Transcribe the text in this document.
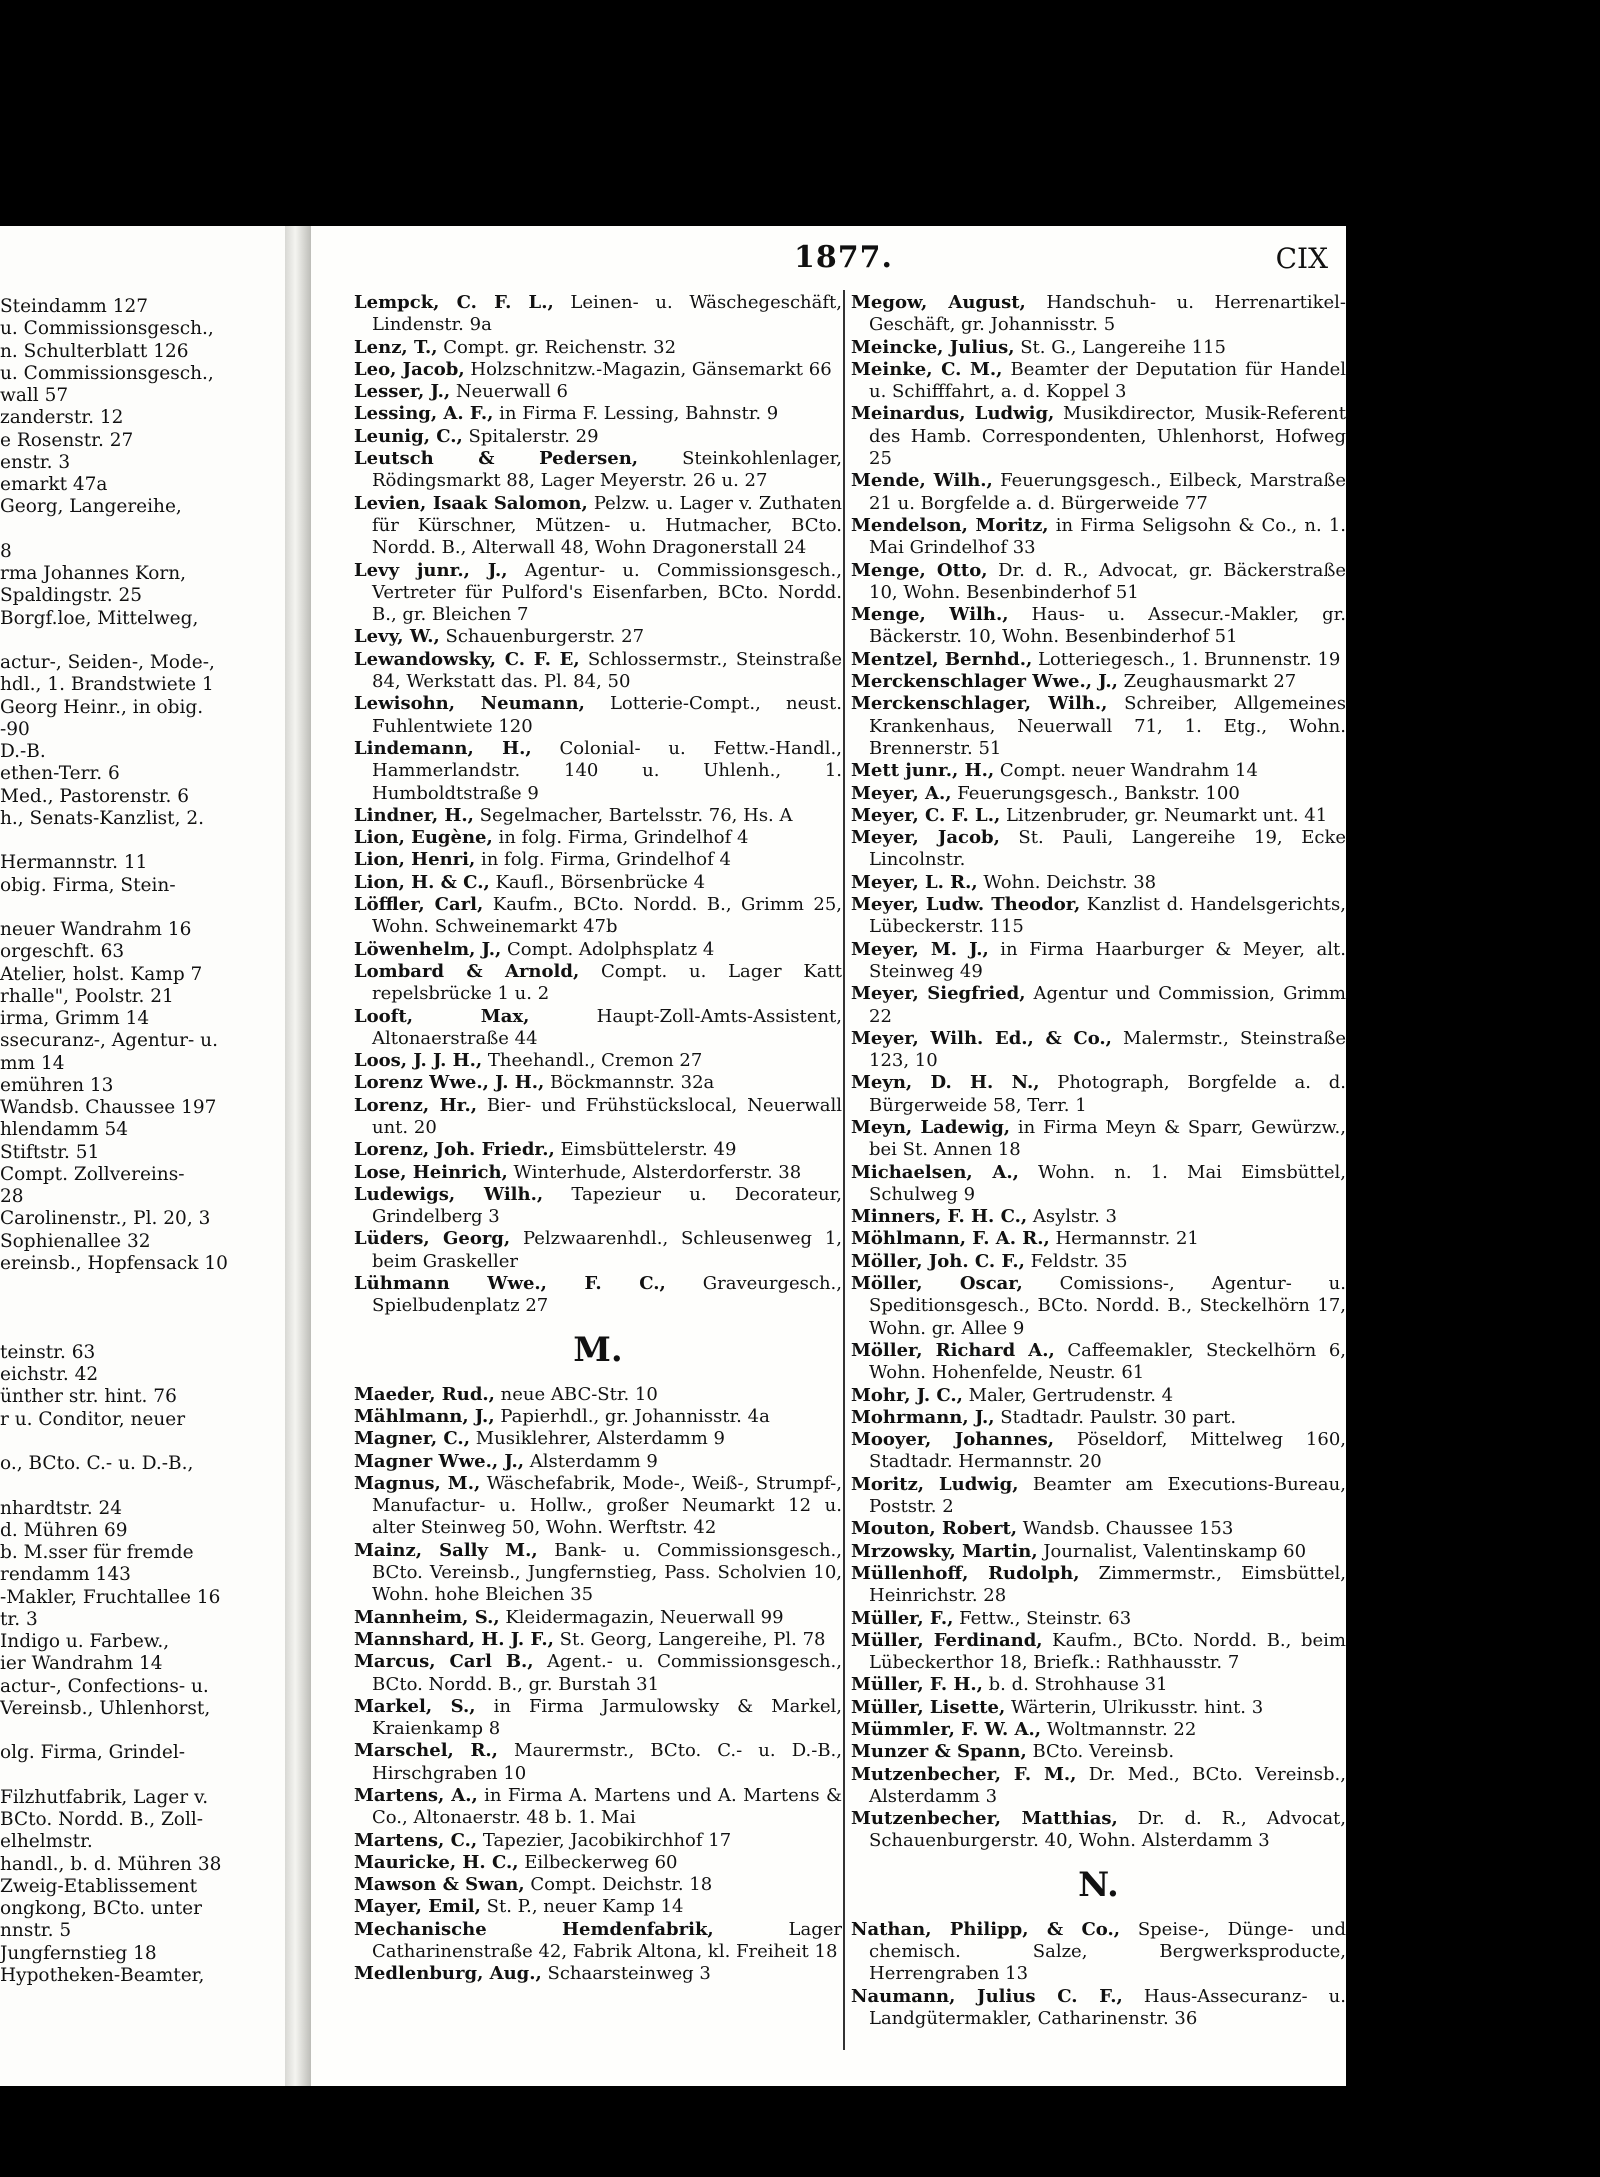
Steindamm 127
u. Commissionsgesch.,
n. Schulterblatt 126
u. Commissionsgesch.,
wall 57
zanderstr. 12
e Rosenstr. 27
enstr. 3
emarkt 47a
Georg, Langereihe,
8
rma Johannes Korn,
Spaldingstr. 25
Borgf.loe, Mittelweg,
actur-, Seiden-, Mode-,
hdl., 1. Brandstwiete 1
Georg Heinr., in obig.
-90
D.-B.
ethen-Terr. 6
Med., Pastorenstr. 6
h., Senats-Kanzlist, 2.
Hermannstr. 11
obig. Firma, Stein-
neuer Wandrahm 16
orgeschft. 63
Atelier, holst. Kamp 7
rhalle", Poolstr. 21
irma, Grimm 14
ssecuranz-, Agentur- u.
mm 14
emühren 13
Wandsb. Chaussee 197
hlendamm 54
Stiftstr. 51
Compt. Zollvereins-
28
Carolinenstr., Pl. 20, 3
Sophienallee 32
ereinsb., Hopfensack 10
teinstr. 63
eichstr. 42
ünther str. hint. 76
r u. Conditor, neuer
o., BCto. C.- u. D.-B.,
nhardtstr. 24
d. Mühren 69
b. M.sser für fremde
rendamm 143
-Makler, Fruchtallee 16
tr. 3
Indigo u. Farbew.,
ier Wandrahm 14
actur-, Confections- u.
Vereinsb., Uhlenhorst,
olg. Firma, Grindel-
Filzhutfabrik, Lager v.
BCto. Nordd. B., Zoll-
elhelmstr.
handl., b. d. Mühren 38
Zweig-Etablissement
ongkong, BCto. unter
nnstr. 5
Jungfernstieg 18
Hypotheken-Beamter,
1877.	CIX
Lempck, C. F. L., Leinen- u. Wäschegeschäft, Lindenstr. 9a
Lenz, T., Compt. gr. Reichenstr. 32
Leo, Jacob, Holzschnitzw.-Magazin, Gänsemarkt 66
Lesser, J., Neuerwall 6
Lessing, A. F., in Firma F. Lessing, Bahnstr. 9
Leunig, C., Spitalerstr. 29
Leutsch & Pedersen, Steinkohlenlager, Rödingsmarkt 88, Lager Meyerstr. 26 u. 27
Levien, Isaak Salomon, Pelzw. u. Lager v. Zuthaten für Kürschner, Mützen- u. Hutmacher, BCto. Nordd. B., Alterwall 48, Wohn Dragonerstall 24
Levy junr., J., Agentur- u. Commissionsgesch., Vertreter für Pulford's Eisenfarben, BCto. Nordd. B., gr. Bleichen 7
Levy, W., Schauenburgerstr. 27
Lewandowsky, C. F. E, Schlossermstr., Steinstraße 84, Werkstatt das. Pl. 84, 50
Lewisohn, Neumann, Lotterie-Compt., neust. Fuhlentwiete 120
Lindemann, H., Colonial- u. Fettw.-Handl., Hammerlandstr. 140 u. Uhlenh., 1. Humboldtstraße 9
Lindner, H., Segelmacher, Bartelsstr. 76, Hs. A
Lion, Eugène, in folg. Firma, Grindelhof 4
Lion, Henri, in folg. Firma, Grindelhof 4
Lion, H. & C., Kaufl., Börsenbrücke 4
Löffler, Carl, Kaufm., BCto. Nordd. B., Grimm 25, Wohn. Schweinemarkt 47b
Löwenhelm, J., Compt. Adolphsplatz 4
Lombard & Arnold, Compt. u. Lager Katt repelsbrücke 1 u. 2
Looft, Max, Haupt-Zoll-Amts-Assistent, Altonaerstraße 44
Loos, J. J. H., Theehandl., Cremon 27
Lorenz Wwe., J. H., Böckmannstr. 32a
Lorenz, Hr., Bier- und Frühstückslocal, Neuerwall unt. 20
Lorenz, Joh. Friedr., Eimsbüttelerstr. 49
Lose, Heinrich, Winterhude, Alsterdorferstr. 38
Ludewigs, Wilh., Tapezieur u. Decorateur, Grindelberg 3
Lüders, Georg, Pelzwaarenhdl., Schleusenweg 1, beim Graskeller
Lühmann Wwe., F. C., Graveurgesch., Spielbudenplatz 27
M.
Maeder, Rud., neue ABC-Str. 10
Mählmann, J., Papierhdl., gr. Johannisstr. 4a
Magner, C., Musiklehrer, Alsterdamm 9
Magner Wwe., J., Alsterdamm 9
Magnus, M., Wäschefabrik, Mode-, Weiß-, Strumpf-, Manufactur- u. Hollw., großer Neumarkt 12 u. alter Steinweg 50, Wohn. Werftstr. 42
Mainz, Sally M., Bank- u. Commissionsgesch., BCto. Vereinsb., Jungfernstieg, Pass. Scholvien 10, Wohn. hohe Bleichen 35
Mannheim, S., Kleidermagazin, Neuerwall 99
Mannshard, H. J. F., St. Georg, Langereihe, Pl. 78
Marcus, Carl B., Agent.- u. Commissionsgesch., BCto. Nordd. B., gr. Burstah 31
Markel, S., in Firma Jarmulowsky & Markel, Kraienkamp 8
Marschel, R., Maurermstr., BCto. C.- u. D.-B., Hirschgraben 10
Martens, A., in Firma A. Martens und A. Martens & Co., Altonaerstr. 48 b. 1. Mai
Martens, C., Tapezier, Jacobikirchhof 17
Mauricke, H. C., Eilbeckerweg 60
Mawson & Swan, Compt. Deichstr. 18
Mayer, Emil, St. P., neuer Kamp 14
Mechanische Hemdenfabrik, Lager Catharinenstraße 42, Fabrik Altona, kl. Freiheit 18
Medlenburg, Aug., Schaarsteinweg 3
Megow, August, Handschuh- u. Herrenartikel-Geschäft, gr. Johannisstr. 5
Meincke, Julius, St. G., Langereihe 115
Meinke, C. M., Beamter der Deputation für Handel u. Schifffahrt, a. d. Koppel 3
Meinardus, Ludwig, Musikdirector, Musik-Referent des Hamb. Correspondenten, Uhlenhorst, Hofweg 25
Mende, Wilh., Feuerungsgesch., Eilbeck, Marstraße 21 u. Borgfelde a. d. Bürgerweide 77
Mendelson, Moritz, in Firma Seligsohn & Co., n. 1. Mai Grindelhof 33
Menge, Otto, Dr. d. R., Advocat, gr. Bäckerstraße 10, Wohn. Besenbinderhof 51
Menge, Wilh., Haus- u. Assecur.-Makler, gr. Bäckerstr. 10, Wohn. Besenbinderhof 51
Mentzel, Bernhd., Lotteriegesch., 1. Brunnenstr. 19
Merckenschlager Wwe., J., Zeughausmarkt 27
Merckenschlager, Wilh., Schreiber, Allgemeines Krankenhaus, Neuerwall 71, 1. Etg., Wohn. Brennerstr. 51
Mett junr., H., Compt. neuer Wandrahm 14
Meyer, A., Feuerungsgesch., Bankstr. 100
Meyer, C. F. L., Litzenbruder, gr. Neumarkt unt. 41
Meyer, Jacob, St. Pauli, Langereihe 19, Ecke Lincolnstr.
Meyer, L. R., Wohn. Deichstr. 38
Meyer, Ludw. Theodor, Kanzlist d. Handelsgerichts, Lübeckerstr. 115
Meyer, M. J., in Firma Haarburger & Meyer, alt. Steinweg 49
Meyer, Siegfried, Agentur und Commission, Grimm 22
Meyer, Wilh. Ed., & Co., Malermstr., Steinstraße 123, 10
Meyn, D. H. N., Photograph, Borgfelde a. d. Bürgerweide 58, Terr. 1
Meyn, Ladewig, in Firma Meyn & Sparr, Gewürzw., bei St. Annen 18
Michaelsen, A., Wohn. n. 1. Mai Eimsbüttel, Schulweg 9
Minners, F. H. C., Asylstr. 3
Möhlmann, F. A. R., Hermannstr. 21
Möller, Joh. C. F., Feldstr. 35
Möller, Oscar, Comissions-, Agentur- u. Speditionsgesch., BCto. Nordd. B., Steckelhörn 17, Wohn. gr. Allee 9
Möller, Richard A., Caffeemakler, Steckelhörn 6, Wohn. Hohenfelde, Neustr. 61
Mohr, J. C., Maler, Gertrudenstr. 4
Mohrmann, J., Stadtadr. Paulstr. 30 part.
Mooyer, Johannes, Pöseldorf, Mittelweg 160, Stadtadr. Hermannstr. 20
Moritz, Ludwig, Beamter am Executions-Bureau, Poststr. 2
Mouton, Robert, Wandsb. Chaussee 153
Mrzowsky, Martin, Journalist, Valentinskamp 60
Müllenhoff, Rudolph, Zimmermstr., Eimsbüttel, Heinrichstr. 28
Müller, F., Fettw., Steinstr. 63
Müller, Ferdinand, Kaufm., BCto. Nordd. B., beim Lübeckerthor 18, Briefk.: Rathhausstr. 7
Müller, F. H., b. d. Strohhause 31
Müller, Lisette, Wärterin, Ulrikusstr. hint. 3
Mümmler, F. W. A., Woltmannstr. 22
Munzer & Spann, BCto. Vereinsb.
Mutzenbecher, F. M., Dr. Med., BCto. Vereinsb., Alsterdamm 3
Mutzenbecher, Matthias, Dr. d. R., Advocat, Schauenburgerstr. 40, Wohn. Alsterdamm 3
N.
Nathan, Philipp, & Co., Speise-, Dünge- und chemisch. Salze, Bergwerksproducte, Herrengraben 13
Naumann, Julius C. F., Haus-Assecuranz- u. Landgütermakler, Catharinenstr. 36
